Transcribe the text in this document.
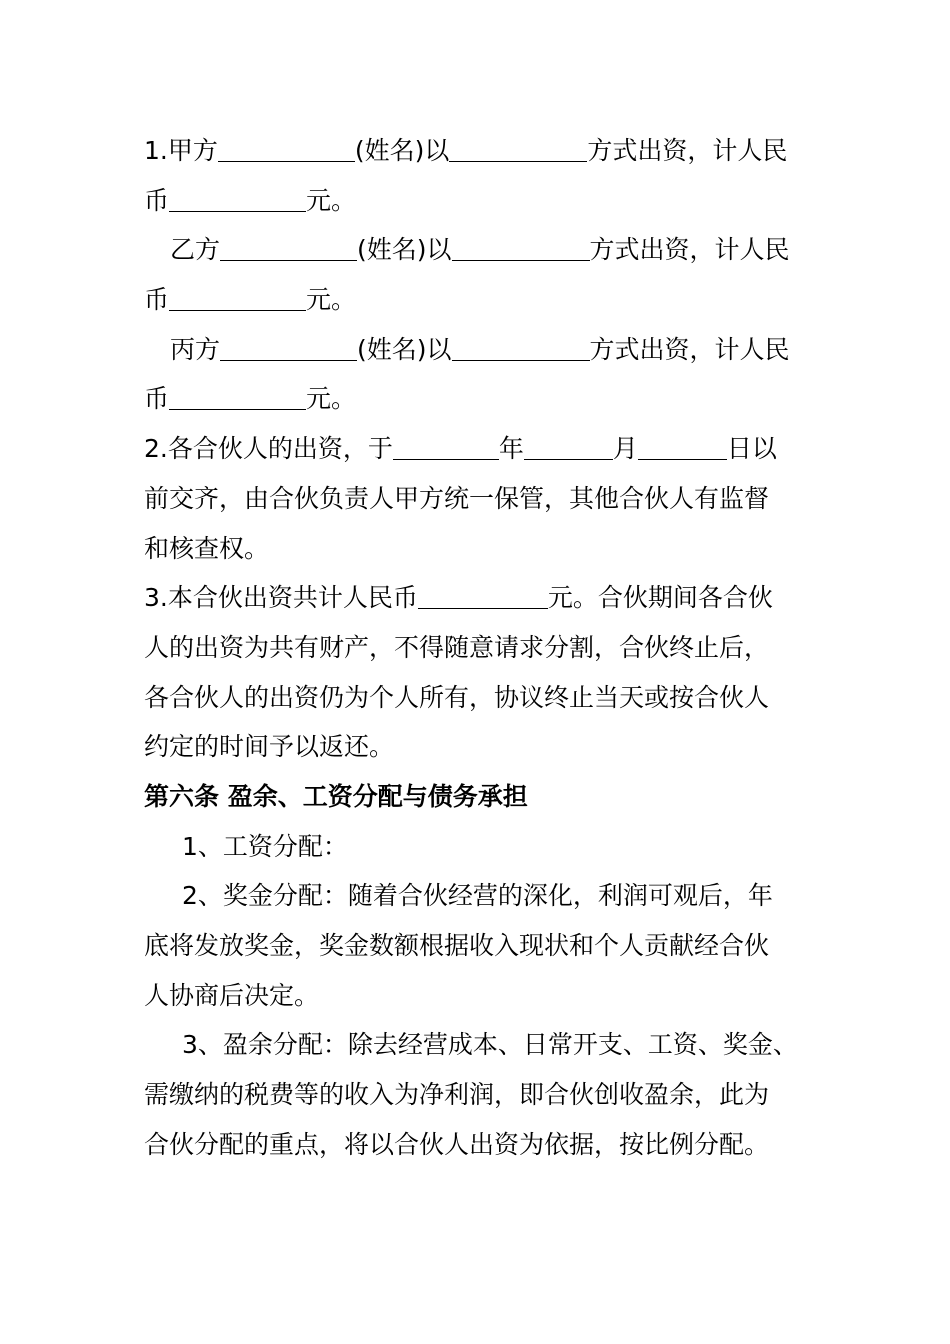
1.甲方	(姓名)以	方式出资，计人民
币	元。
乙方	(姓名)以	方式出资，计人民
币	元。
丙方	(姓名)以	方式出资，计人民
币	元。
2.各合伙人的出资，于	年	月	日以
前交齐，由合伙负责人甲方统一保管，其他合伙人有监督
和核查权。
3.本合伙出资共计人民币	元。合伙期间各合伙
人的出资为共有财产，不得随意请求分割，合伙终止后，
各合伙人的出资仍为个人所有，协议终止当天或按合伙人
约定的时间予以返还。
第六条 盈余、工资分配与债务承担
1、工资分配：
2、奖金分配：随着合伙经营的深化，利润可观后，年
底将发放奖金，奖金数额根据收入现状和个人贡献经合伙
人协商后决定。
3、盈余分配：除去经营成本、日常开支、工资、奖金、
需缴纳的税费等的收入为净利润，即合伙创收盈余，此为
合伙分配的重点，将以合伙人出资为依据，按比例分配。
